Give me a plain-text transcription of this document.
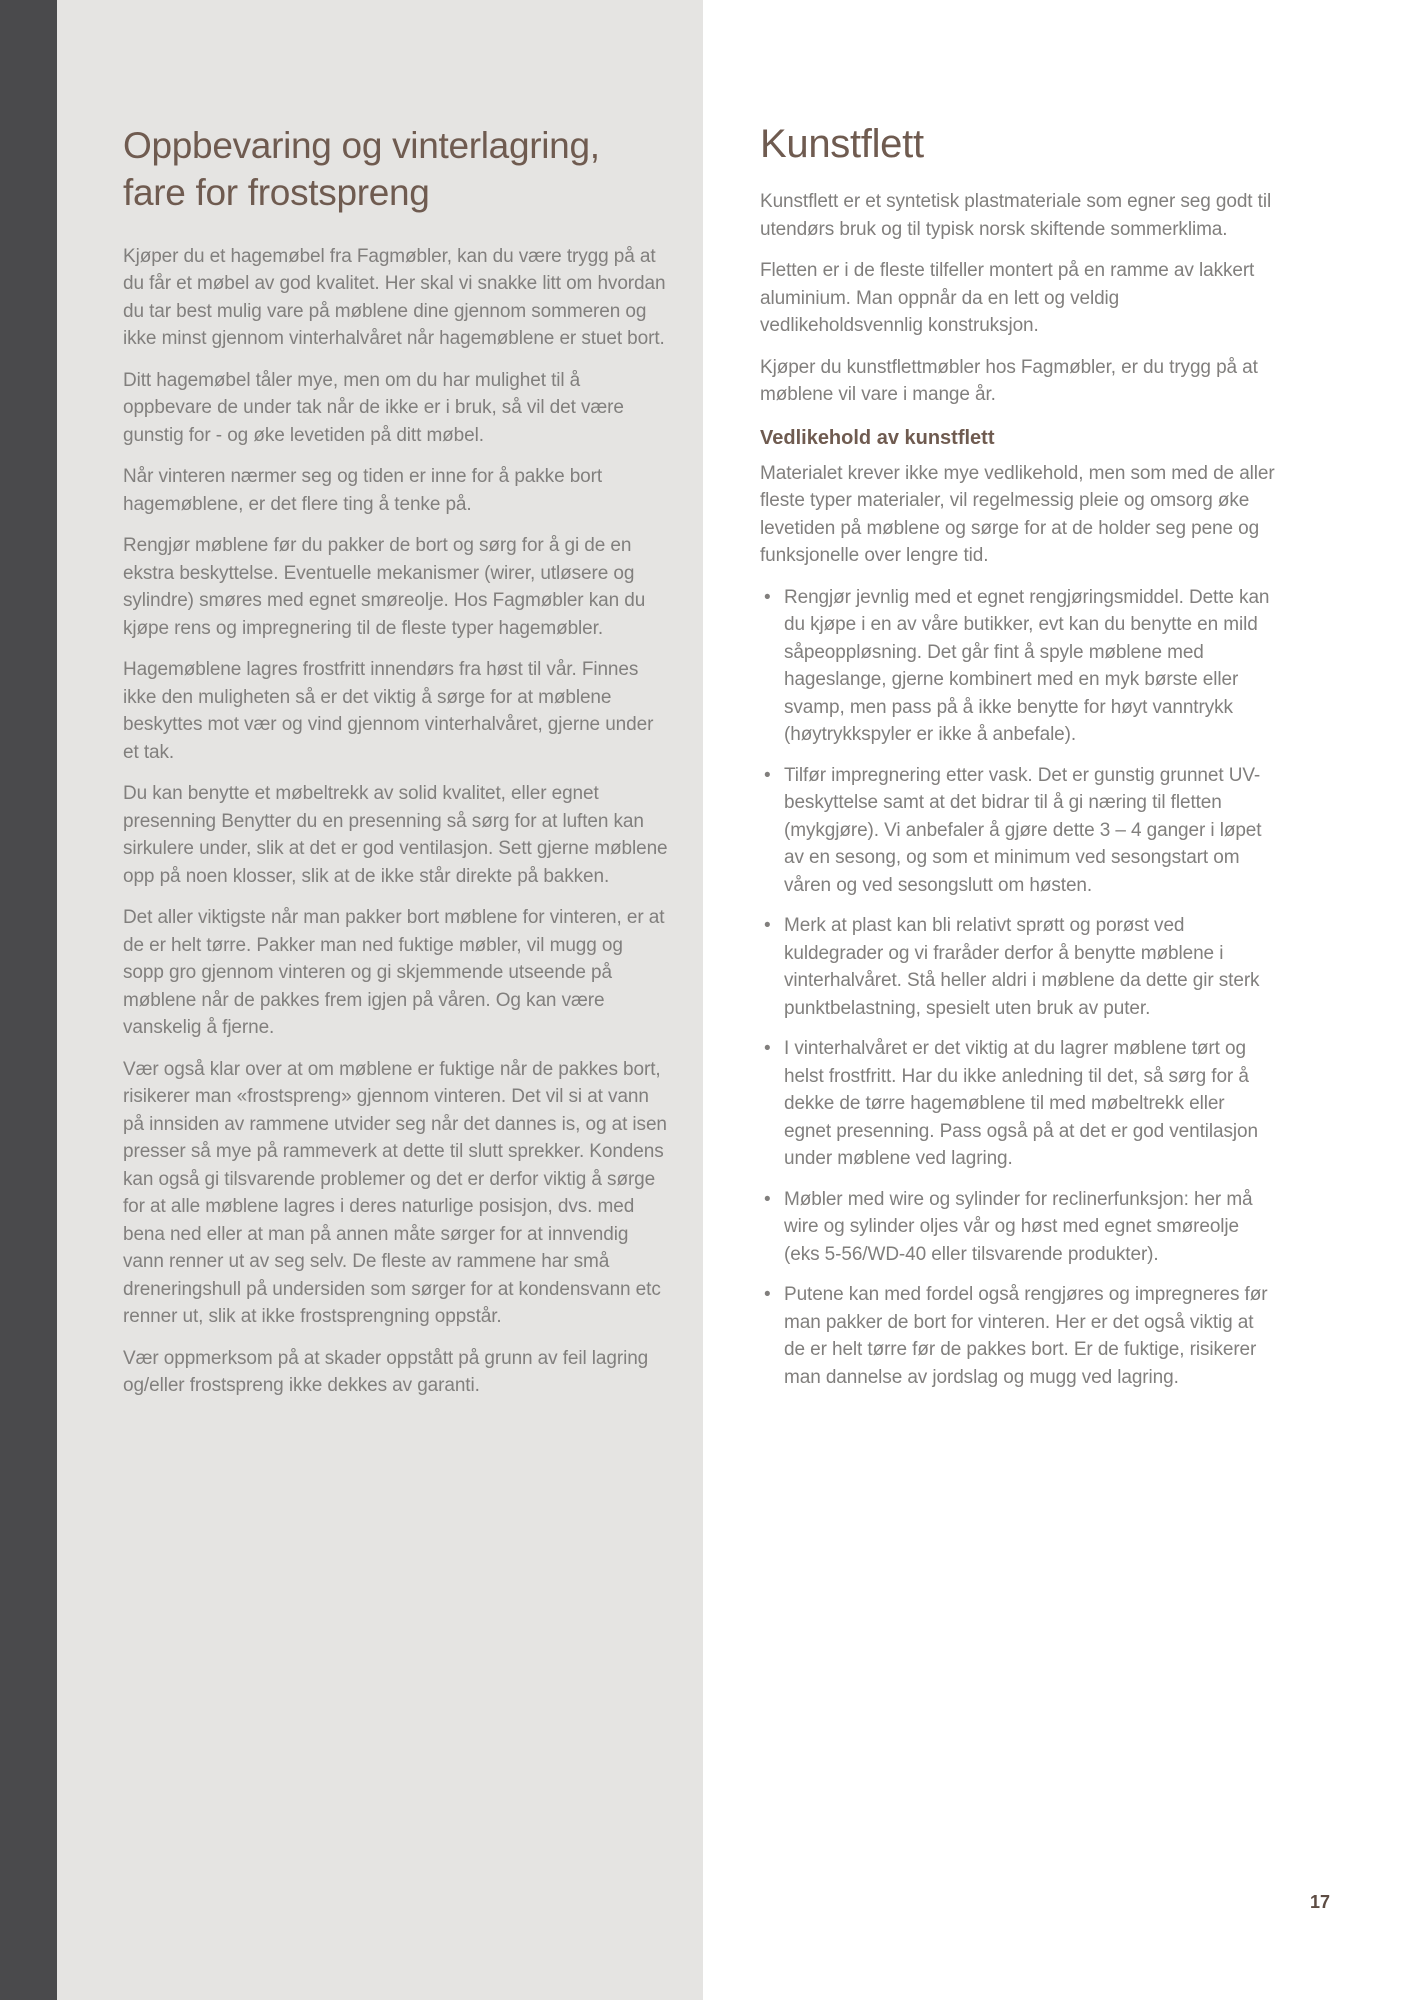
Oppbevaring og vinterlagring,
fare for frostspreng

Kjøper du et hagemøbel fra Fagmøbler, kan du være trygg på at du får et møbel av god kvalitet. Her skal vi snakke litt om hvordan du tar best mulig vare på møblene dine gjennom sommeren og ikke minst gjennom vinterhalvåret når hagemøblene er stuet bort.

Ditt hagemøbel tåler mye, men om du har mulighet til å oppbevare de under tak når de ikke er i bruk, så vil det være gunstig for - og øke levetiden på ditt møbel.

Når vinteren nærmer seg og tiden er inne for å pakke bort hagemøblene, er det flere ting å tenke på.

Rengjør møblene før du pakker de bort og sørg for å gi de en ekstra beskyttelse. Eventuelle mekanismer (wirer, utløsere og sylindre) smøres med egnet smøreolje. Hos Fagmøbler kan du kjøpe rens og impregnering til de fleste typer hagemøbler.

Hagemøblene lagres frostfritt innendørs fra høst til vår. Finnes ikke den muligheten så er det viktig å sørge for at møblene beskyttes mot vær og vind gjennom vinterhalvåret, gjerne under et tak.

Du kan benytte et møbeltrekk av solid kvalitet, eller egnet presenning Benytter du en presenning så sørg for at luften kan sirkulere under, slik at det er god ventilasjon. Sett gjerne møblene opp på noen klosser, slik at de ikke står direkte på bakken.

Det aller viktigste når man pakker bort møblene for vinteren, er at de er helt tørre. Pakker man ned fuktige møbler, vil mugg og sopp gro gjennom vinteren og gi skjemmende utseende på møblene når de pakkes frem igjen på våren. Og kan være vanskelig å fjerne.

Vær også klar over at om møblene er fuktige når de pakkes bort, risikerer man «frostspreng» gjennom vinteren. Det vil si at vann på innsiden av rammene utvider seg når det dannes is, og at isen presser så mye på rammeverk at dette til slutt sprekker. Kondens kan også gi tilsvarende problemer og det er derfor viktig å sørge for at alle møblene lagres i deres naturlige posisjon, dvs. med bena ned eller at man på annen måte sørger for at innvendig vann renner ut av seg selv. De fleste av rammene har små dreneringshull på undersiden som sørger for at kondensvann etc renner ut, slik at ikke frostsprengning oppstår.

Vær oppmerksom på at skader oppstått på grunn av feil lagring og/eller frostspreng ikke dekkes av garanti.

Kunstflett

Kunstflett er et syntetisk plastmateriale som egner seg godt til utendørs bruk og til typisk norsk skiftende sommerklima.

Fletten er i de fleste tilfeller montert på en ramme av lakkert aluminium. Man oppnår da en lett og veldig vedlikeholdsvennlig konstruksjon.

Kjøper du kunstflettmøbler hos Fagmøbler, er du trygg på at møblene vil vare i mange år.

Vedlikehold av kunstflett

Materialet krever ikke mye vedlikehold, men som med de aller fleste typer materialer, vil regelmessig pleie og omsorg øke levetiden på møblene og sørge for at de holder seg pene og funksjonelle over lengre tid.

• Rengjør jevnlig med et egnet rengjøringsmiddel. Dette kan du kjøpe i en av våre butikker, evt kan du benytte en mild såpeoppløsning. Det går fint å spyle møblene med hageslange, gjerne kombinert med en myk børste eller svamp, men pass på å ikke benytte for høyt vanntrykk (høytrykkspyler er ikke å anbefale).
• Tilfør impregnering etter vask. Det er gunstig grunnet UV-beskyttelse samt at det bidrar til å gi næring til fletten (mykgjøre). Vi anbefaler å gjøre dette 3 – 4 ganger i løpet av en sesong, og som et minimum ved sesongstart om våren og ved sesongslutt om høsten.
• Merk at plast kan bli relativt sprøtt og porøst ved kuldegrader og vi fraråder derfor å benytte møblene i vinterhalvåret. Stå heller aldri i møblene da dette gir sterk punktbelastning, spesielt uten bruk av puter.
• I vinterhalvåret er det viktig at du lagrer møblene tørt og helst frostfritt. Har du ikke anledning til det, så sørg for å dekke de tørre hagemøblene til med møbeltrekk eller egnet presenning. Pass også på at det er god ventilasjon under møblene ved lagring.
• Møbler med wire og sylinder for reclinerfunksjon: her må wire og sylinder oljes vår og høst med egnet smøreolje (eks 5-56/WD-40 eller tilsvarende produkter).
• Putene kan med fordel også rengjøres og impregneres før man pakker de bort for vinteren. Her er det også viktig at de er helt tørre før de pakkes bort. Er de fuktige, risikerer man dannelse av jordslag og mugg ved lagring.
17
